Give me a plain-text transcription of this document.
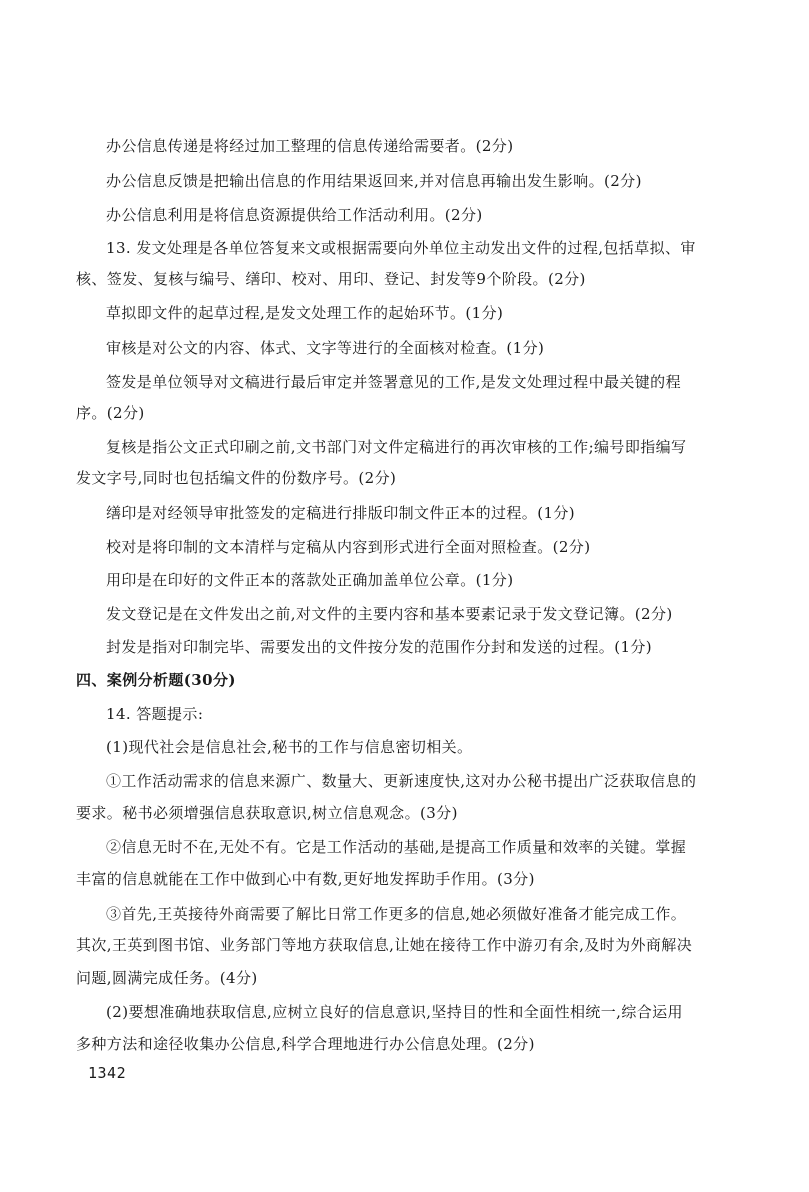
办公信息传递是将经过加工整理的信息传递给需要者。(2分)

办公信息反馈是把输出信息的作用结果返回来,并对信息再输出发生影响。(2分)

办公信息利用是将信息资源提供给工作活动利用。(2分)

13. 发文处理是各单位答复来文或根据需要向外单位主动发出文件的过程,包括草拟、审

核、签发、复核与编号、缮印、校对、用印、登记、封发等9个阶段。(2分)

草拟即文件的起草过程,是发文处理工作的起始环节。(1分)

审核是对公文的内容、体式、文字等进行的全面核对检查。(1分)

签发是单位领导对文稿进行最后审定并签署意见的工作,是发文处理过程中最关键的程

序。(2分)

复核是指公文正式印刷之前,文书部门对文件定稿进行的再次审核的工作;编号即指编写

发文字号,同时也包括编文件的份数序号。(2分)

缮印是对经领导审批签发的定稿进行排版印制文件正本的过程。(1分)

校对是将印制的文本清样与定稿从内容到形式进行全面对照检查。(2分)

用印是在印好的文件正本的落款处正确加盖单位公章。(1分)

发文登记是在文件发出之前,对文件的主要内容和基本要素记录于发文登记簿。(2分)

封发是指对印制完毕、需要发出的文件按分发的范围作分封和发送的过程。(1分)

四、案例分析题(30分)

14. 答题提示:

(1)现代社会是信息社会,秘书的工作与信息密切相关。

①工作活动需求的信息来源广、数量大、更新速度快,这对办公秘书提出广泛获取信息的

要求。秘书必须增强信息获取意识,树立信息观念。(3分)

②信息无时不在,无处不有。它是工作活动的基础,是提高工作质量和效率的关键。掌握

丰富的信息就能在工作中做到心中有数,更好地发挥助手作用。(3分)

③首先,王英接待外商需要了解比日常工作更多的信息,她必须做好准备才能完成工作。

其次,王英到图书馆、业务部门等地方获取信息,让她在接待工作中游刃有余,及时为外商解决

问题,圆满完成任务。(4分)

(2)要想准确地获取信息,应树立良好的信息意识,坚持目的性和全面性相统一,综合运用

多种方法和途径收集办公信息,科学合理地进行办公信息处理。(2分)

1342
